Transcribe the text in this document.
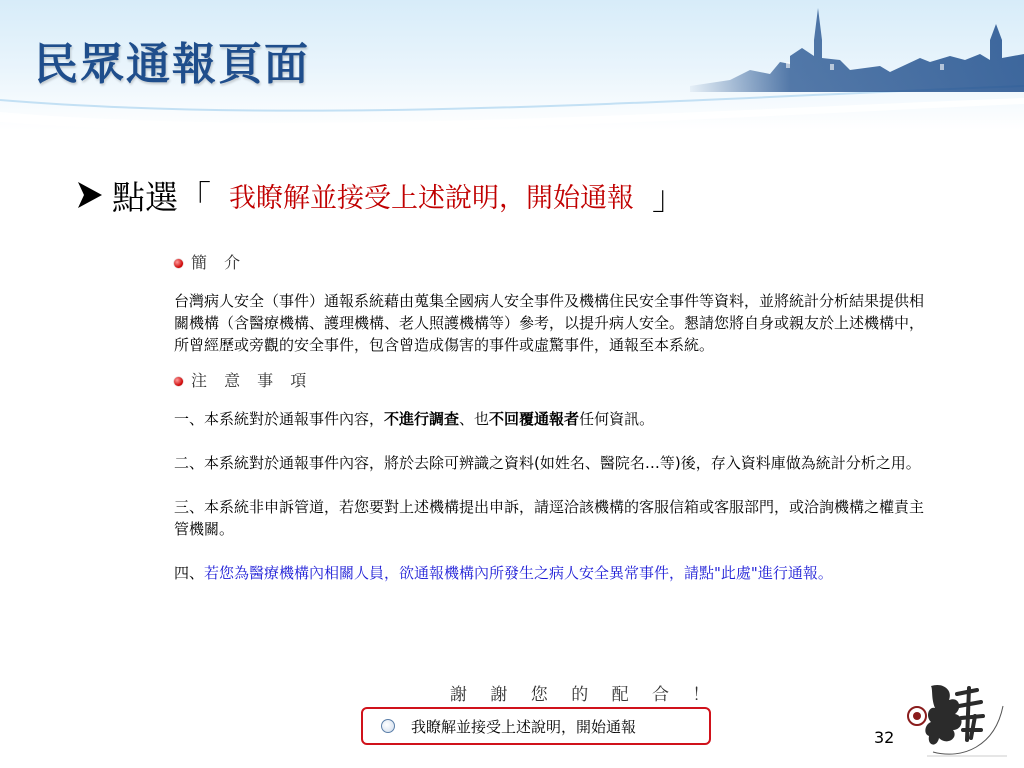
民眾通報頁面
點選 「 我瞭解並接受上述說明，開始通報 」
簡 介

台灣病人安全（事件）通報系統藉由蒐集全國病人安全事件及機構住民安全事件等資料，並將統計分析結果提供相關機構（含醫療機構、護理機構、老人照護機構等）參考，以提升病人安全。懇請您將自身或親友於上述機構中，所曾經歷或旁觀的安全事件，包含曾造成傷害的事件或虛驚事件，通報至本系統。

注 意 事 項

一、本系統對於通報事件內容，不進行調查、也不回覆通報者任何資訊。

二、本系統對於通報事件內容，將於去除可辨識之資料(如姓名、醫院名…等)後，存入資料庫做為統計分析之用。

三、本系統非申訴管道，若您要對上述機構提出申訴，請逕洽該機構的客服信箱或客服部門，或洽詢機構之權責主管機關。

四、若您為醫療機構內相關人員，欲通報機構內所發生之病人安全異常事件，請點"此處"進行通報。

謝 謝 您 的 配 合 ！
我瞭解並接受上述說明，開始通報
32
